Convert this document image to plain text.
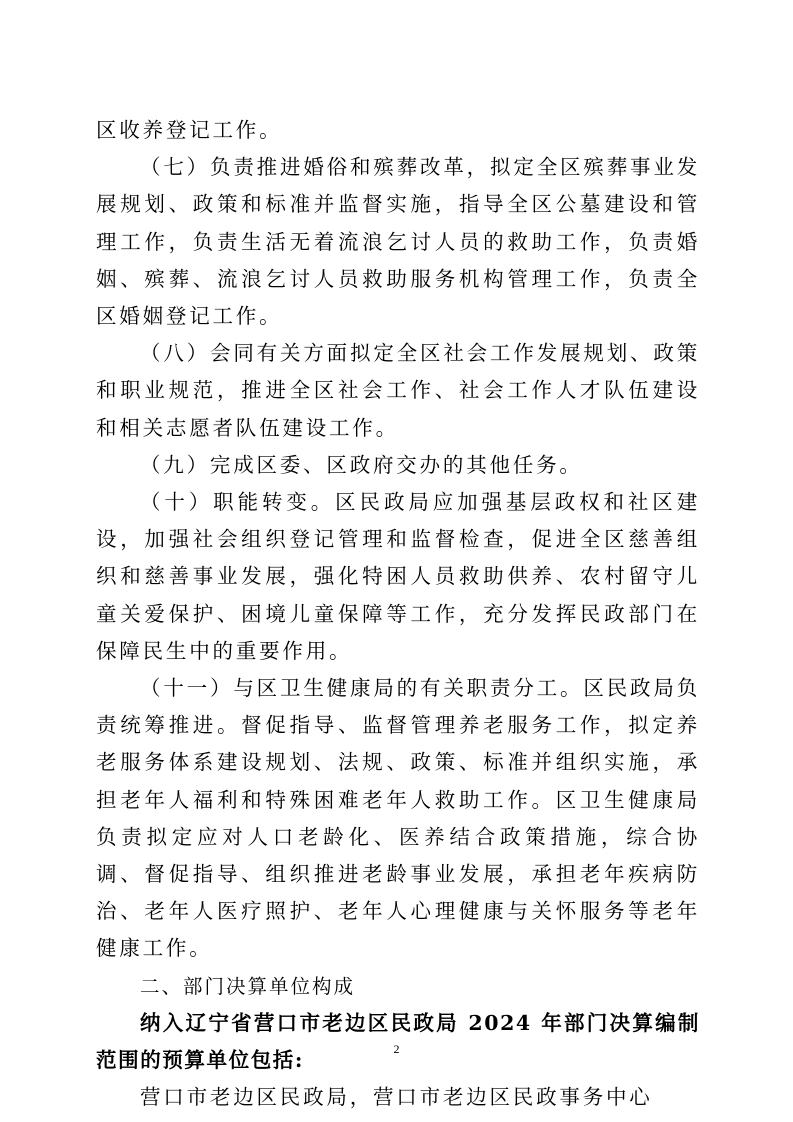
区收养登记工作。

（七）负责推进婚俗和殡葬改革，拟定全区殡葬事业发展规划、政策和标准并监督实施，指导全区公墓建设和管理工作，负责生活无着流浪乞讨人员的救助工作，负责婚姻、殡葬、流浪乞讨人员救助服务机构管理工作，负责全区婚姻登记工作。

（八）会同有关方面拟定全区社会工作发展规划、政策和职业规范，推进全区社会工作、社会工作人才队伍建设和相关志愿者队伍建设工作。

（九）完成区委、区政府交办的其他任务。

（十）职能转变。区民政局应加强基层政权和社区建设，加强社会组织登记管理和监督检查，促进全区慈善组织和慈善事业发展，强化特困人员救助供养、农村留守儿童关爱保护、困境儿童保障等工作，充分发挥民政部门在保障民生中的重要作用。

（十一）与区卫生健康局的有关职责分工。区民政局负责统筹推进。督促指导、监督管理养老服务工作，拟定养老服务体系建设规划、法规、政策、标准并组织实施，承担老年人福利和特殊困难老年人救助工作。区卫生健康局负责拟定应对人口老龄化、医养结合政策措施，综合协调、督促指导、组织推进老龄事业发展，承担老年疾病防治、老年人医疗照护、老年人心理健康与关怀服务等老年健康工作。

二、部门决算单位构成

纳入辽宁省营口市老边区民政局 2024 年部门决算编制范围的预算单位包括:

营口市老边区民政局，营口市老边区民政事务中心

2
